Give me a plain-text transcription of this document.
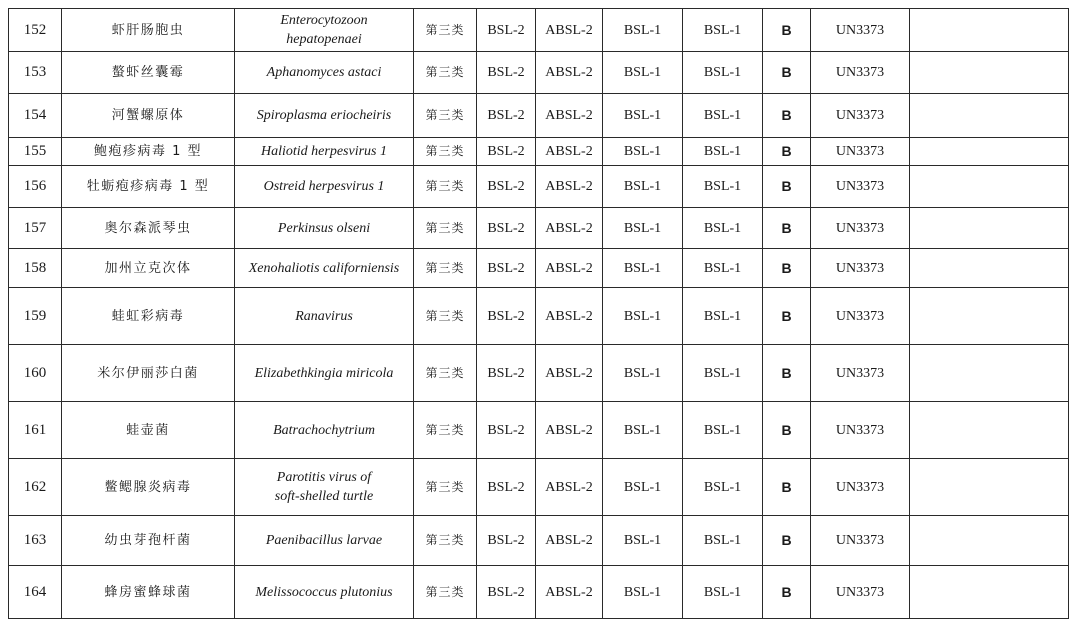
152	虾肝肠胞虫	Enterocytozoon
hepatopenaei	第三类	BSL-2	ABSL-2	BSL-1	BSL-1	B	UN3373	
153	螯虾丝囊霉	Aphanomyces astaci	第三类	BSL-2	ABSL-2	BSL-1	BSL-1	B	UN3373	
154	河蟹螺原体	Spiroplasma eriocheiris	第三类	BSL-2	ABSL-2	BSL-1	BSL-1	B	UN3373	
155	鲍疱疹病毒 1 型	Haliotid herpesvirus 1	第三类	BSL-2	ABSL-2	BSL-1	BSL-1	B	UN3373	
156	牡蛎疱疹病毒 1 型	Ostreid herpesvirus 1	第三类	BSL-2	ABSL-2	BSL-1	BSL-1	B	UN3373	
157	奥尔森派琴虫	Perkinsus olseni	第三类	BSL-2	ABSL-2	BSL-1	BSL-1	B	UN3373	
158	加州立克次体	Xenohaliotis californiensis	第三类	BSL-2	ABSL-2	BSL-1	BSL-1	B	UN3373	
159	蛙虹彩病毒	Ranavirus	第三类	BSL-2	ABSL-2	BSL-1	BSL-1	B	UN3373	
160	米尔伊丽莎白菌	Elizabethkingia miricola	第三类	BSL-2	ABSL-2	BSL-1	BSL-1	B	UN3373	
161	蛙壶菌	Batrachochytrium	第三类	BSL-2	ABSL-2	BSL-1	BSL-1	B	UN3373	
162	鳖鳃腺炎病毒	Parotitis virus of
soft-shelled turtle	第三类	BSL-2	ABSL-2	BSL-1	BSL-1	B	UN3373	
163	幼虫芽孢杆菌	Paenibacillus larvae	第三类	BSL-2	ABSL-2	BSL-1	BSL-1	B	UN3373	
164	蜂房蜜蜂球菌	Melissococcus plutonius	第三类	BSL-2	ABSL-2	BSL-1	BSL-1	B	UN3373	
